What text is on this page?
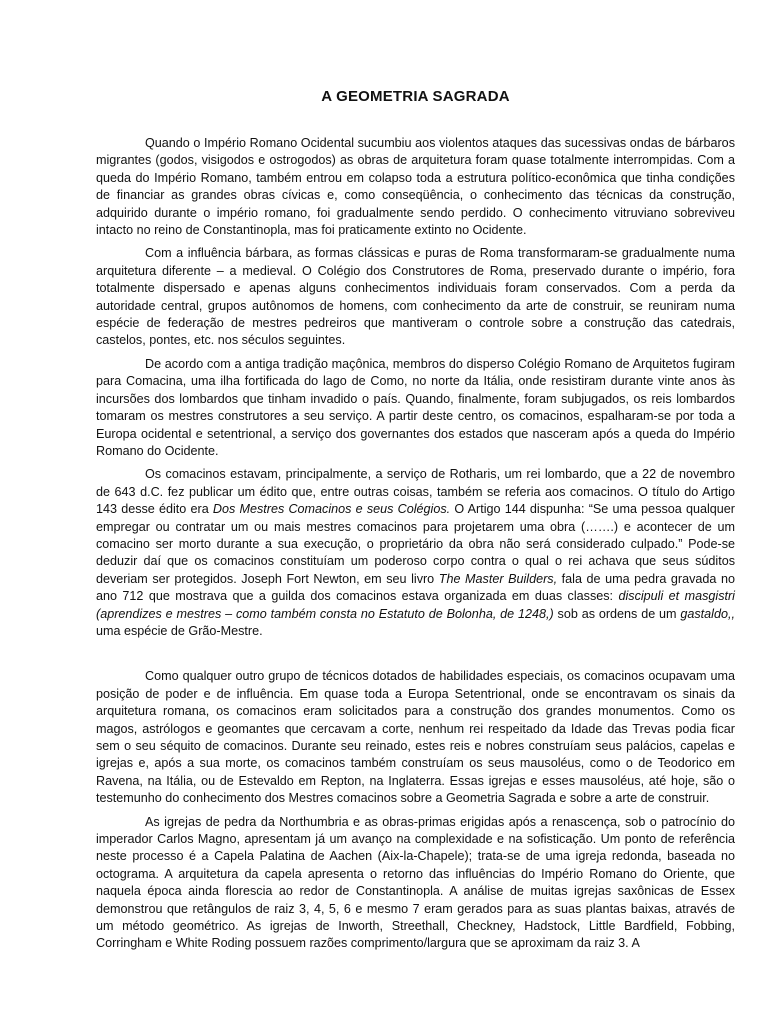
A GEOMETRIA SAGRADA

Quando o Império Romano Ocidental sucumbiu aos violentos ataques das sucessivas ondas de bárbaros migrantes (godos, visigodos e ostrogodos) as obras de arquitetura foram quase totalmente interrompidas. Com a queda do Império Romano, também entrou em colapso toda a estrutura político-econômica que tinha condições de financiar as grandes obras cívicas e, como conseqüência, o conhecimento das técnicas da construção, adquirido durante o império romano, foi gradualmente sendo perdido. O conhecimento vitruviano sobreviveu intacto no reino de Constantinopla, mas foi praticamente extinto no Ocidente.

Com a influência bárbara, as formas clássicas e puras de Roma transformaram-se gradualmente numa arquitetura diferente – a medieval. O Colégio dos Construtores de Roma, preservado durante o império, fora totalmente dispersado e apenas alguns conhecimentos individuais foram conservados. Com a perda da autoridade central, grupos autônomos de homens, com conhecimento da arte de construir, se reuniram numa espécie de federação de mestres pedreiros que mantiveram o controle sobre a construção das catedrais, castelos, pontes, etc. nos séculos seguintes.

De acordo com a antiga tradição maçônica, membros do disperso Colégio Romano de Arquitetos fugiram para Comacina, uma ilha fortificada do lago de Como, no norte da Itália, onde resistiram durante vinte anos às incursões dos lombardos que tinham invadido o país. Quando, finalmente, foram subjugados, os reis lombardos tomaram os mestres construtores a seu serviço. A partir deste centro, os comacinos, espalharam-se por toda a Europa ocidental e setentrional, a serviço dos governantes dos estados que nasceram após a queda do Império Romano do Ocidente.

Os comacinos estavam, principalmente, a serviço de Rotharis, um rei lombardo, que a 22 de novembro de 643 d.C. fez publicar um édito que, entre outras coisas, também se referia aos comacinos. O título do Artigo 143 desse édito era Dos Mestres Comacinos e seus Colégios. O Artigo 144 dispunha: “Se uma pessoa qualquer empregar ou contratar um ou mais mestres comacinos para projetarem uma obra (…….) e acontecer de um comacino ser morto durante a sua execução, o proprietário da obra não será considerado culpado.” Pode-se deduzir daí que os comacinos constituíam um poderoso corpo contra o qual o rei achava que seus súditos deveriam ser protegidos. Joseph Fort Newton, em seu livro The Master Builders, fala de uma pedra gravada no ano 712 que mostrava que a guilda dos comacinos estava organizada em duas classes: discipuli et masgistri (aprendizes e mestres – como também consta no Estatuto de Bolonha, de 1248,) sob as ordens de um gastaldo,, uma espécie de Grão-Mestre.

Como qualquer outro grupo de técnicos dotados de habilidades especiais, os comacinos ocupavam uma posição de poder e de influência. Em quase toda a Europa Setentrional, onde se encontravam os sinais da arquitetura romana, os comacinos eram solicitados para a construção dos grandes monumentos. Como os magos, astrólogos e geomantes que cercavam a corte, nenhum rei respeitado da Idade das Trevas podia ficar sem o seu séquito de comacinos. Durante seu reinado, estes reis e nobres construíam seus palácios, capelas e igrejas e, após a sua morte, os comacinos também construíam os seus mausoléus, como o de Teodorico em Ravena, na Itália, ou de Estevaldo em Repton, na Inglaterra. Essas igrejas e esses mausoléus, até hoje, são o testemunho do conhecimento dos Mestres comacinos sobre a Geometria Sagrada e sobre a arte de construir.

As igrejas de pedra da Northumbria e as obras-primas erigidas após a renascença, sob o patrocínio do imperador Carlos Magno, apresentam já um avanço na complexidade e na sofisticação. Um ponto de referência neste processo é a Capela Palatina de Aachen (Aix-la-Chapele); trata-se de uma igreja redonda, baseada no octograma. A arquitetura da capela apresenta o retorno das influências do Império Romano do Oriente, que naquela época ainda florescia ao redor de Constantinopla. A análise de muitas igrejas saxônicas de Essex demonstrou que retângulos de raiz 3, 4, 5, 6 e mesmo 7 eram gerados para as suas plantas baixas, através de um método geométrico. As igrejas de Inworth, Streethall, Checkney, Hadstock, Little Bardfield, Fobbing, Corringham e White Roding possuem razões comprimento/largura que se aproximam da raiz 3. A
